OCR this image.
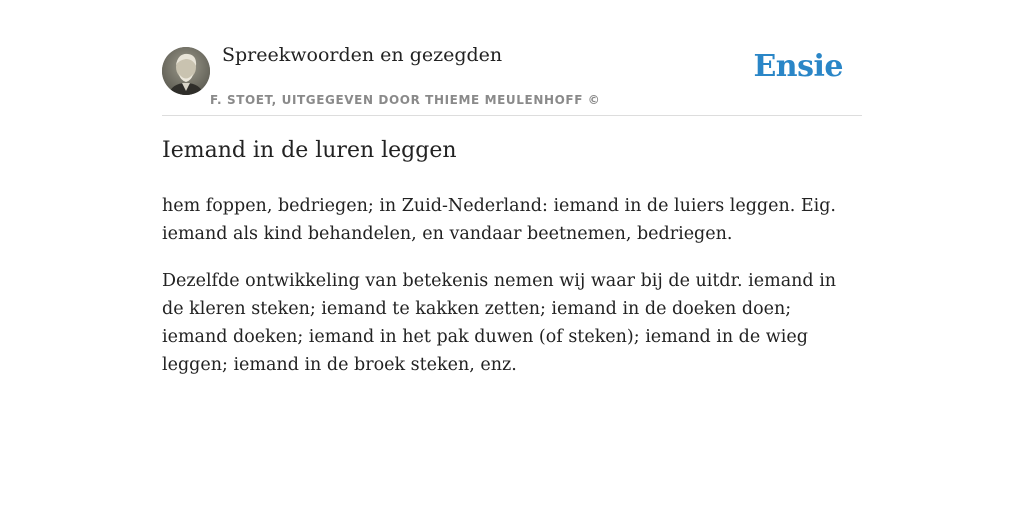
Spreekwoorden en gezegden
F. STOET, UITGEGEVEN DOOR THIEME MEULENHOFF ©
Ensie
Iemand in de luren leggen

hem foppen, bedriegen; in Zuid-Nederland: iemand in de luiers leggen. Eig. iemand als kind behandelen, en vandaar beetnemen, bedriegen.

Dezelfde ontwikkeling van betekenis nemen wij waar bij de uitdr. iemand in de kleren steken; iemand te kakken zetten; iemand in de doeken doen; iemand doeken; iemand in het pak duwen (of steken); iemand in de wieg leggen; iemand in de broek steken, enz.
